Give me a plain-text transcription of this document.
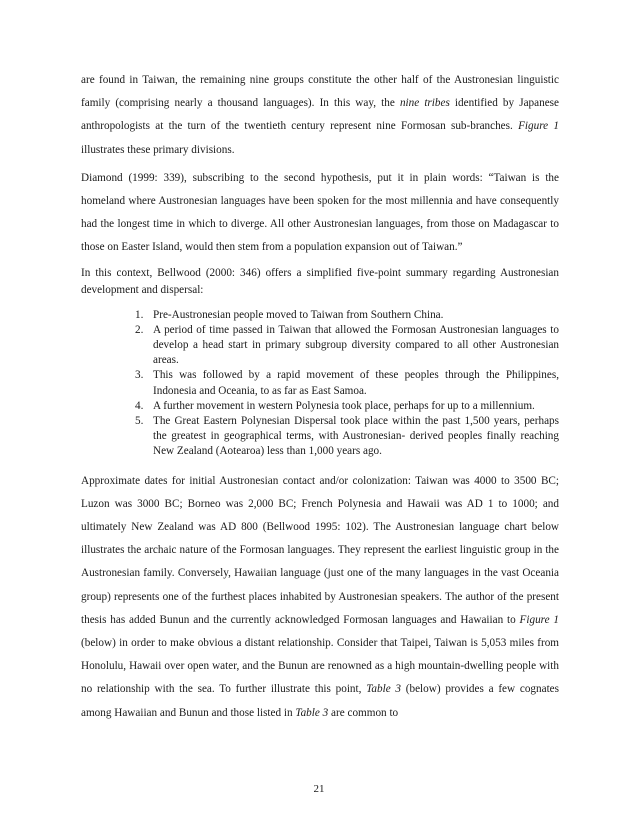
are found in Taiwan, the remaining nine groups constitute the other half of the Austronesian linguistic family (comprising nearly a thousand languages). In this way, the nine tribes identified by Japanese anthropologists at the turn of the twentieth century represent nine Formosan sub-branches. Figure 1 illustrates these primary divisions.

Diamond (1999: 339), subscribing to the second hypothesis, put it in plain words: “Taiwan is the homeland where Austronesian languages have been spoken for the most millennia and have consequently had the longest time in which to diverge. All other Austronesian languages, from those on Madagascar to those on Easter Island, would then stem from a population expansion out of Taiwan.”

In this context, Bellwood (2000: 346) offers a simplified five-point summary regarding Austronesian development and dispersal:

1. Pre-Austronesian people moved to Taiwan from Southern China.
2. A period of time passed in Taiwan that allowed the Formosan Austronesian languages to develop a head start in primary subgroup diversity compared to all other Austronesian areas.
3. This was followed by a rapid movement of these peoples through the Philippines, Indonesia and Oceania, to as far as East Samoa.
4. A further movement in western Polynesia took place, perhaps for up to a millennium.
5. The Great Eastern Polynesian Dispersal took place within the past 1,500 years, perhaps the greatest in geographical terms, with Austronesian- derived peoples finally reaching New Zealand (Aotearoa) less than 1,000 years ago.

Approximate dates for initial Austronesian contact and/or colonization: Taiwan was 4000 to 3500 BC; Luzon was 3000 BC; Borneo was 2,000 BC; French Polynesia and Hawaii was AD 1 to 1000; and ultimately New Zealand was AD 800 (Bellwood 1995: 102). The Austronesian language chart below illustrates the archaic nature of the Formosan languages. They represent the earliest linguistic group in the Austronesian family. Conversely, Hawaiian language (just one of the many languages in the vast Oceania group) represents one of the furthest places inhabited by Austronesian speakers. The author of the present thesis has added Bunun and the currently acknowledged Formosan languages and Hawaiian to Figure 1 (below) in order to make obvious a distant relationship. Consider that Taipei, Taiwan is 5,053 miles from Honolulu, Hawaii over open water, and the Bunun are renowned as a high mountain-dwelling people with no relationship with the sea. To further illustrate this point, Table 3 (below) provides a few cognates among Hawaiian and Bunun and those listed in Table 3 are common to

21
